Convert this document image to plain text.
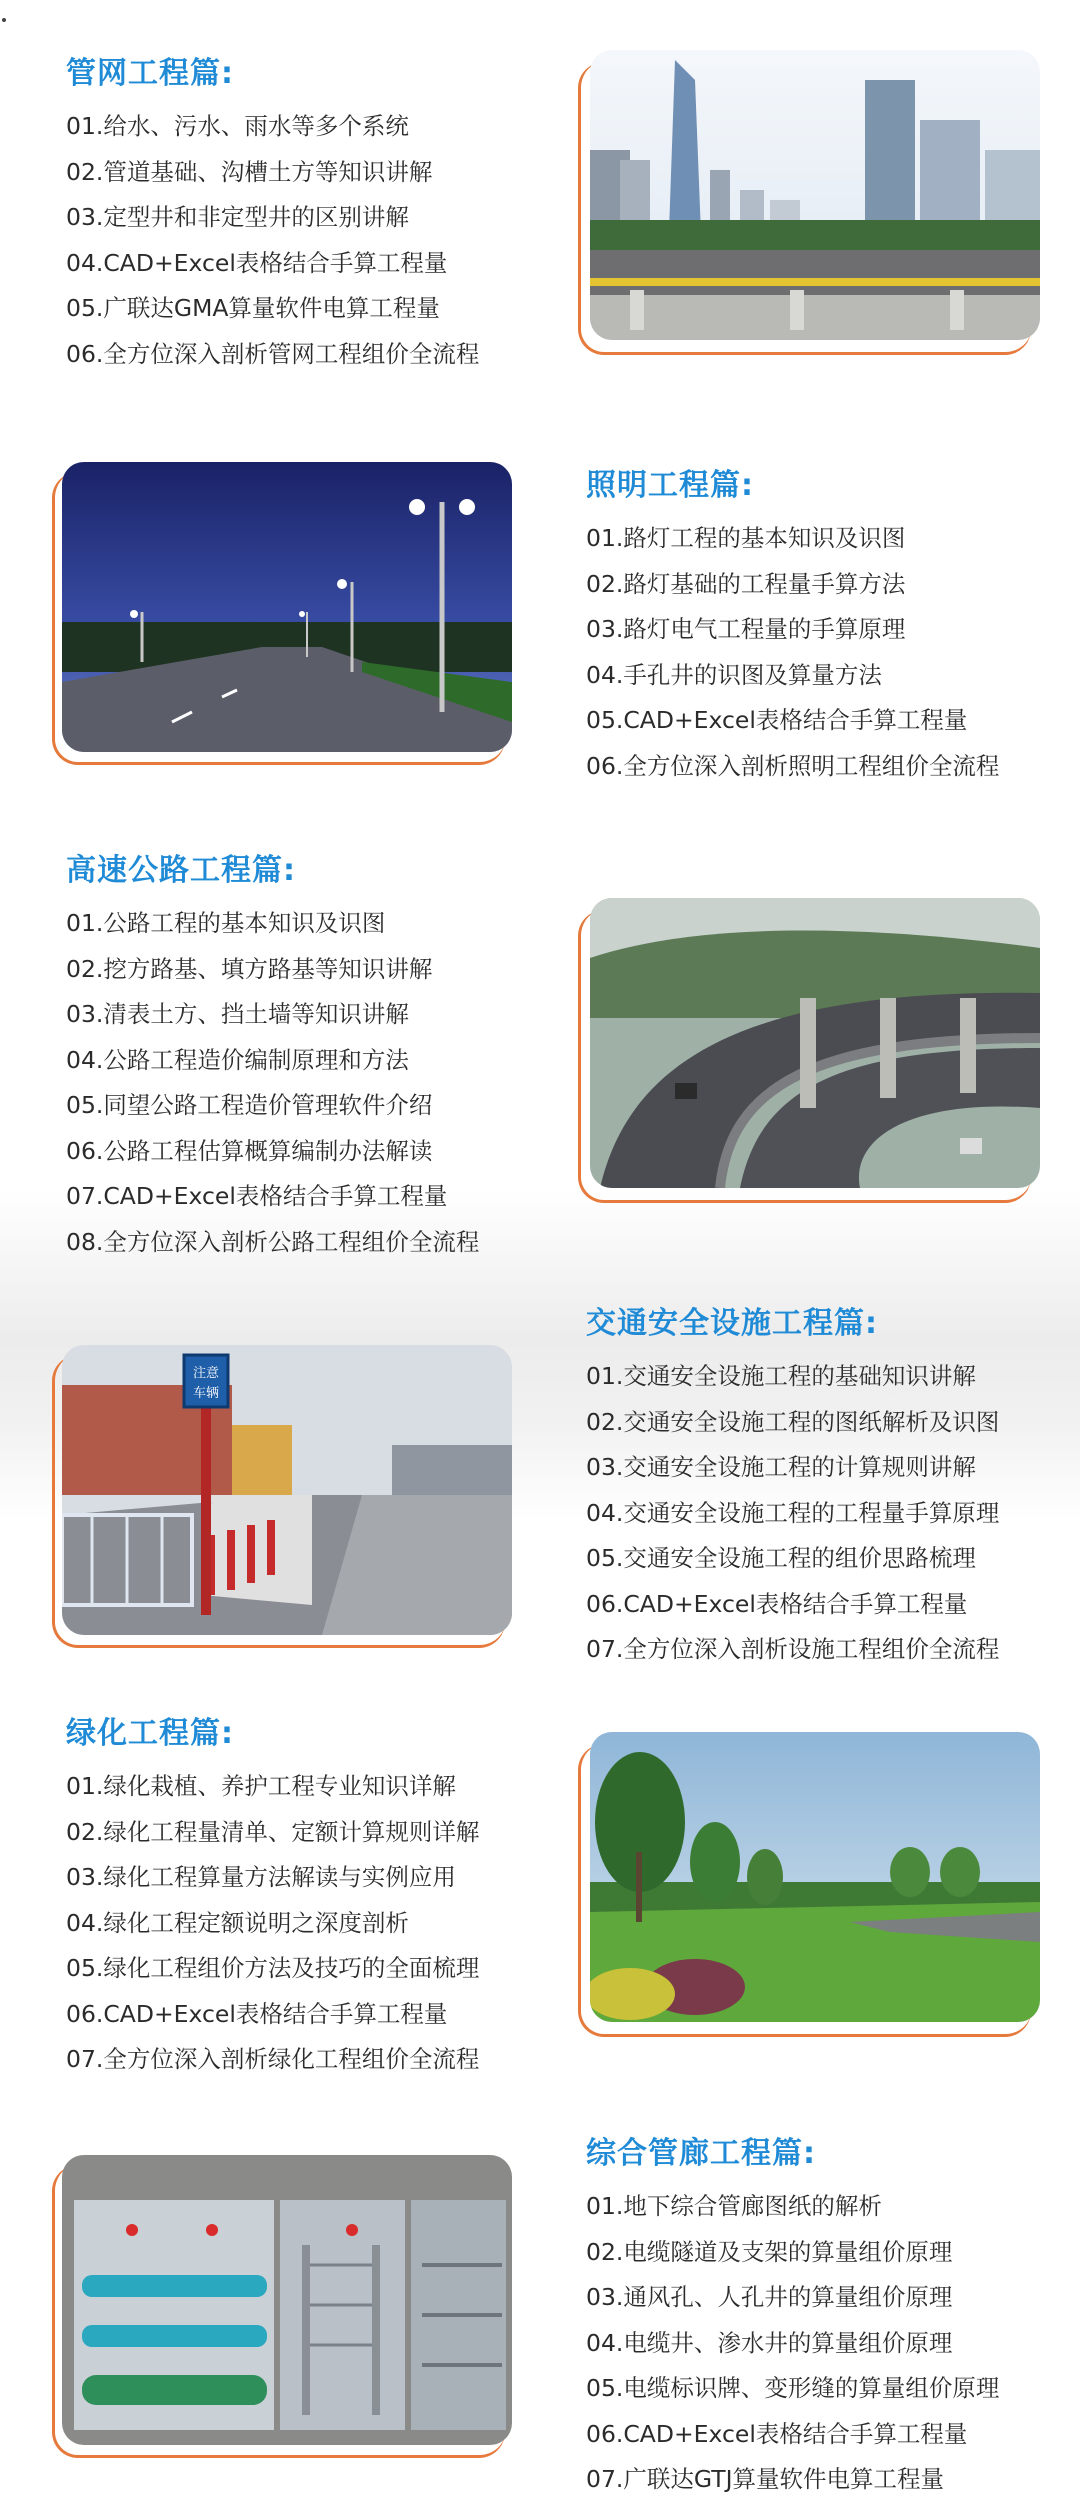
管网工程篇:
01.给水、污水、雨水等多个系统
02.管道基础、沟槽土方等知识讲解
03.定型井和非定型井的区别讲解
04.CAD+Excel表格结合手算工程量
05.广联达GMA算量软件电算工程量
06.全方位深入剖析管网工程组价全流程
照明工程篇:
01.路灯工程的基本知识及识图
02.路灯基础的工程量手算方法
03.路灯电气工程量的手算原理
04.手孔井的识图及算量方法
05.CAD+Excel表格结合手算工程量
06.全方位深入剖析照明工程组价全流程
高速公路工程篇:
01.公路工程的基本知识及识图
02.挖方路基、填方路基等知识讲解
03.清表土方、挡土墙等知识讲解
04.公路工程造价编制原理和方法
05.同望公路工程造价管理软件介绍
06.公路工程估算概算编制办法解读
07.CAD+Excel表格结合手算工程量
08.全方位深入剖析公路工程组价全流程
注意
车辆
交通安全设施工程篇:
01.交通安全设施工程的基础知识讲解
02.交通安全设施工程的图纸解析及识图
03.交通安全设施工程的计算规则讲解
04.交通安全设施工程的工程量手算原理
05.交通安全设施工程的组价思路梳理
06.CAD+Excel表格结合手算工程量
07.全方位深入剖析设施工程组价全流程
绿化工程篇:
01.绿化栽植、养护工程专业知识详解
02.绿化工程量清单、定额计算规则详解
03.绿化工程算量方法解读与实例应用
04.绿化工程定额说明之深度剖析
05.绿化工程组价方法及技巧的全面梳理
06.CAD+Excel表格结合手算工程量
07.全方位深入剖析绿化工程组价全流程
综合管廊工程篇:
01.地下综合管廊图纸的解析
02.电缆隧道及支架的算量组价原理
03.通风孔、人孔井的算量组价原理
04.电缆井、渗水井的算量组价原理
05.电缆标识牌、变形缝的算量组价原理
06.CAD+Excel表格结合手算工程量
07.广联达GTJ算量软件电算工程量
